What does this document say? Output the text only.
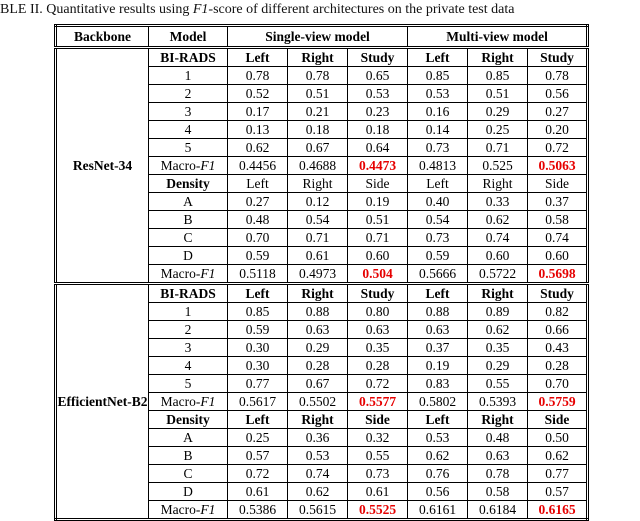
BLE II. Quantitative results using F1-score of different architectures on the private test data
Backbone	Model	Single-view model			Multi-view model		
ResNet-34	BI-RADS	Left	Right	Study	Left	Right	Study
	1	0.78	0.78	0.65	0.85	0.85	0.78
	2	0.52	0.51	0.53	0.53	0.51	0.56
	3	0.17	0.21	0.23	0.16	0.29	0.27
	4	0.13	0.18	0.18	0.14	0.25	0.20
	5	0.62	0.67	0.64	0.73	0.71	0.72
	Macro-F1	0.4456	0.4688	0.4473	0.4813	0.525	0.5063
	Density	Left	Right	Side	Left	Right	Side
	A	0.27	0.12	0.19	0.40	0.33	0.37
	B	0.48	0.54	0.51	0.54	0.62	0.58
	C	0.70	0.71	0.71	0.73	0.74	0.74
	D	0.59	0.61	0.60	0.59	0.60	0.60
	Macro-F1	0.5118	0.4973	0.504	0.5666	0.5722	0.5698
EfficientNet-B2	BI-RADS	Left	Right	Study	Left	Right	Study
	1	0.85	0.88	0.80	0.88	0.89	0.82
	2	0.59	0.63	0.63	0.63	0.62	0.66
	3	0.30	0.29	0.35	0.37	0.35	0.43
	4	0.30	0.28	0.28	0.19	0.29	0.28
	5	0.77	0.67	0.72	0.83	0.55	0.70
	Macro-F1	0.5617	0.5502	0.5577	0.5802	0.5393	0.5759
	Density	Left	Right	Side	Left	Right	Side
	A	0.25	0.36	0.32	0.53	0.48	0.50
	B	0.57	0.53	0.55	0.62	0.63	0.62
	C	0.72	0.74	0.73	0.76	0.78	0.77
	D	0.61	0.62	0.61	0.56	0.58	0.57
	Macro-F1	0.5386	0.5615	0.5525	0.6161	0.6184	0.6165
